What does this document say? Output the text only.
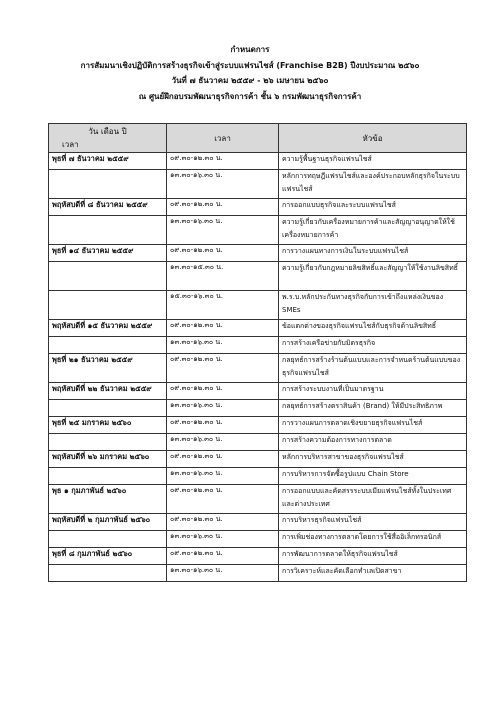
กำหนดการ
การสัมมนาเชิงปฏิบัติการสร้างธุรกิจเข้าสู่ระบบแฟรนไชส์ (Franchise B2B) ปีงบประมาณ ๒๕๖๐
วันที่ ๗ ธันวาคม ๒๕๕๙ - ๒๖ เมษายน ๒๕๖๐
ณ ศูนย์ฝึกอบรมพัฒนาธุรกิจการค้า ชั้น ๖ กรมพัฒนาธุรกิจการค้า
วัน เดือน ปี
เวลา	เวลา	หัวข้อ
พุธที่ ๗ ธันวาคม ๒๕๕๙	๐๙.๓๐-๑๒.๓๐ น.	ความรู้พื้นฐานธุรกิจแฟรนไชส์
	๑๓.๓๐-๑๖.๓๐ น.	หลักการทฤษฎีแฟรนไชส์และองค์ประกอบหลักธุรกิจในระบบแฟรนไชส์
พฤหัสบดีที่ ๘ ธันวาคม ๒๕๕๙	๐๙.๓๐-๑๒.๓๐ น.	การออกแบบธุรกิจและระบบแฟรนไชส์
	๑๓.๓๐-๑๖.๓๐ น.	ความรู้เกี่ยวกับเครื่องหมายการค้าและสัญญาอนุญาตให้ใช้เครื่องหมายการค้า
พุธที่ ๑๔ ธันวาคม ๒๕๕๙	๐๙.๓๐-๑๒.๓๐ น.	การวางแผนทางการเงินในระบบแฟรนไชส์
	๑๓.๓๐-๑๕.๓๐ น.	ความรู้เกี่ยวกับกฎหมายลิขสิทธิ์และสัญญาให้ใช้งานลิขสิทธิ์
	๑๕.๓๐-๑๖.๓๐ น.	พ.ร.บ.หลักประกันทางธุรกิจกับการเข้าถึงแหล่งเงินของ SMEs
พฤหัสบดีที่ ๑๕ ธันวาคม ๒๕๕๙	๐๙.๓๐-๑๒.๓๐ น.	ข้อแตกต่างของธุรกิจแฟรนไชส์กับธุรกิจด้านลิขสิทธิ์
	๑๓.๓๐-๑๖.๓๐ น.	การสร้างเครือข่ายกับมิตรธุรกิจ
พุธที่ ๒๑ ธันวาคม ๒๕๕๙	๐๙.๓๐-๑๒.๓๐ น.	กลยุทธ์การสร้างร้านต้นแบบและการจำหนดร้านต้นแบบของธุรกิจแฟรนไชส์
พฤหัสบดีที่ ๒๒ ธันวาคม ๒๕๕๙	๐๙.๓๐-๑๒.๓๐ น.	การสร้างระบบงานที่เป็นมาตรฐาน
	๑๓.๓๐-๑๖.๓๐ น.	กลยุทธ์การสร้างตราสินค้า (Brand) ให้มีประสิทธิภาพ
พุธที่ ๒๕ มกราคม ๒๕๖๐	๐๙.๓๐-๑๒.๓๐ น.	การวางแผนการตลาดเชิงขยายธุรกิจแฟรนไชส์
	๑๓.๓๐-๑๖.๓๐ น.	การสร้างความต้องการทางการตลาด
พฤหัสบดีที่ ๒๖ มกราคม ๒๕๖๐	๐๙.๓๐-๑๒.๓๐ น.	หลักการบริหารสาขาของธุรกิจแฟรนไชส์
	๑๓.๓๐-๑๖.๓๐ น.	การบริหารการจัดซื้อรูปแบบ Chain Store
พุธ ๑ กุมภาพันธ์ ๒๕๖๐	๐๙.๓๐-๑๒.๓๐ น.	การออกแบบและคัดสรรระบบเมียแฟรนไชส์ทั้งในประเทศและต่างประเทศ
พฤหัสบดีที่ ๒ กุมภาพันธ์ ๒๕๖๐	๐๙.๓๐-๑๒.๓๐ น.	การบริหารธุรกิจแฟรนไชส์
	๑๓.๓๐-๑๖.๓๐ น.	การเพิ่มช่องทางการตลาดโดยการใช้สื่ออิเล็กทรอนิกส์
พุธที่ ๘ กุมภาพันธ์ ๒๕๖๐	๐๙.๓๐-๑๒.๓๐ น.	การพัฒนาการตลาดให้ธุรกิจแฟรนไชส์
	๑๓.๓๐-๑๖.๓๐ น.	การวิเคราะห์และคัดเลือกทำเลเปิดสาขา
